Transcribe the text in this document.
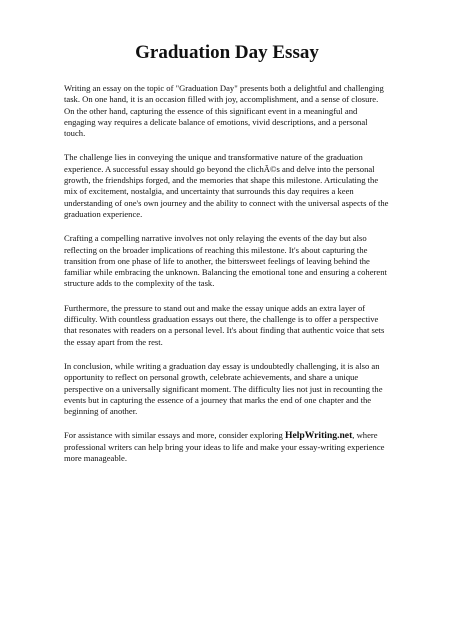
Graduation Day Essay

Writing an essay on the topic of "Graduation Day" presents both a delightful and challenging task. On one hand, it is an occasion filled with joy, accomplishment, and a sense of closure. On the other hand, capturing the essence of this significant event in a meaningful and engaging way requires a delicate balance of emotions, vivid descriptions, and a personal touch.

The challenge lies in conveying the unique and transformative nature of the graduation experience. A successful essay should go beyond the clichÃ©s and delve into the personal growth, the friendships forged, and the memories that shape this milestone. Articulating the mix of excitement, nostalgia, and uncertainty that surrounds this day requires a keen understanding of one's own journey and the ability to connect with the universal aspects of the graduation experience.

Crafting a compelling narrative involves not only relaying the events of the day but also reflecting on the broader implications of reaching this milestone. It's about capturing the transition from one phase of life to another, the bittersweet feelings of leaving behind the familiar while embracing the unknown. Balancing the emotional tone and ensuring a coherent structure adds to the complexity of the task.

Furthermore, the pressure to stand out and make the essay unique adds an extra layer of difficulty. With countless graduation essays out there, the challenge is to offer a perspective that resonates with readers on a personal level. It's about finding that authentic voice that sets the essay apart from the rest.

In conclusion, while writing a graduation day essay is undoubtedly challenging, it is also an opportunity to reflect on personal growth, celebrate achievements, and share a unique perspective on a universally significant moment. The difficulty lies not just in recounting the events but in capturing the essence of a journey that marks the end of one chapter and the beginning of another.

For assistance with similar essays and more, consider exploring HelpWriting.net, where professional writers can help bring your ideas to life and make your essay-writing experience more manageable.
